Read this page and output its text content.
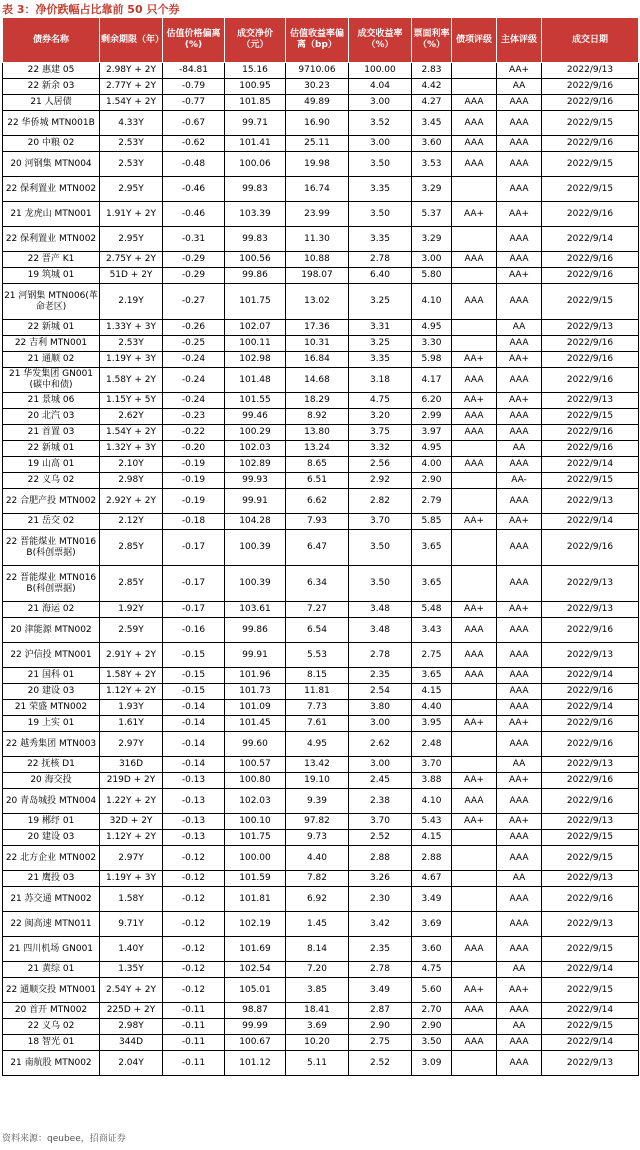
表 3：净价跌幅占比靠前 50 只个券
债券名称	剩余期限（年）	估值价格偏离(%)	成交净价（元）	估值收益率偏离（bp）	成交收益率（%）	票面利率（%）	债项评级	主体评级	成交日期
22 惠建 05	2.98Y + 2Y	-84.81	15.16	9710.06	100.00	2.83		AA+	2022/9/13
22 新余 03	2.77Y + 2Y	-0.79	100.95	30.23	4.04	4.42		AA	2022/9/16
21 人居债	1.54Y + 2Y	-0.77	101.85	49.89	3.00	4.27	AAA	AAA	2022/9/16
22 华侨城 MTN001B	4.33Y	-0.67	99.71	16.90	3.52	3.45	AAA	AAA	2022/9/15
20 中粮 02	2.53Y	-0.62	101.41	25.11	3.00	3.60	AAA	AAA	2022/9/16
20 河钢集 MTN004	2.53Y	-0.48	100.06	19.98	3.50	3.53	AAA	AAA	2022/9/15
22 保利置业 MTN002	2.95Y	-0.46	99.83	16.74	3.35	3.29		AAA	2022/9/15
21 龙虎山 MTN001	1.91Y + 2Y	-0.46	103.39	23.99	3.50	5.37	AA+	AA+	2022/9/16
22 保利置业 MTN002	2.95Y	-0.31	99.83	11.30	3.35	3.29		AAA	2022/9/14
22 晋产 K1	2.75Y + 2Y	-0.29	100.56	10.88	2.78	3.00	AAA	AAA	2022/9/16
19 筑城 01	51D + 2Y	-0.29	99.86	198.07	6.40	5.80		AA+	2022/9/16
21 河钢集 MTN006(革命老区)	2.19Y	-0.27	101.75	13.02	3.25	4.10	AAA	AAA	2022/9/15
22 新城 01	1.33Y + 3Y	-0.26	102.07	17.36	3.31	4.95		AA	2022/9/13
22 吉利 MTN001	2.53Y	-0.25	100.11	10.31	3.25	3.30		AAA	2022/9/16
21 通顺 02	1.19Y + 3Y	-0.24	102.98	16.84	3.35	5.98	AA+	AA+	2022/9/16
21 华发集团 GN001(碳中和债)	1.58Y + 2Y	-0.24	101.48	14.68	3.18	4.17	AAA	AAA	2022/9/16
21 景城 06	1.15Y + 5Y	-0.24	101.55	18.29	4.75	6.20	AA+	AA+	2022/9/13
20 北汽 03	2.62Y	-0.23	99.46	8.92	3.20	2.99	AAA	AAA	2022/9/15
21 首置 03	1.54Y + 2Y	-0.22	100.29	13.80	3.75	3.97	AAA	AAA	2022/9/16
22 新城 01	1.32Y + 3Y	-0.20	102.03	13.24	3.32	4.95		AA	2022/9/16
19 山高 01	2.10Y	-0.19	102.89	8.65	2.56	4.00	AAA	AAA	2022/9/14
22 义乌 02	2.98Y	-0.19	99.93	6.51	2.92	2.90		AA-	2022/9/15
22 合肥产投 MTN002	2.92Y + 2Y	-0.19	99.91	6.62	2.82	2.79		AAA	2022/9/13
21 岳交 02	2.12Y	-0.18	104.28	7.93	3.70	5.85	AA+	AA+	2022/9/14
22 晋能煤业 MTN016B(科创票据)	2.85Y	-0.17	100.39	6.47	3.50	3.65		AAA	2022/9/16
22 晋能煤业 MTN016B(科创票据)	2.85Y	-0.17	100.39	6.34	3.50	3.65		AAA	2022/9/13
21 海运 02	1.92Y	-0.17	103.61	7.27	3.48	5.48	AA+	AA+	2022/9/13
20 津能源 MTN002	2.59Y	-0.16	99.86	6.54	3.48	3.43	AAA	AAA	2022/9/16
22 沪信投 MTN001	2.91Y + 2Y	-0.15	99.91	5.53	2.78	2.75	AAA	AAA	2022/9/13
21 国科 01	1.58Y + 2Y	-0.15	101.96	8.15	2.35	3.65	AAA	AAA	2022/9/14
20 建设 03	1.12Y + 2Y	-0.15	101.73	11.81	2.54	4.15		AAA	2022/9/16
21 荣盛 MTN002	1.93Y	-0.14	101.09	7.73	3.80	4.40		AAA	2022/9/14
19 上实 01	1.61Y	-0.14	101.45	7.61	3.00	3.95	AA+	AA+	2022/9/16
22 越秀集团 MTN003	2.97Y	-0.14	99.60	4.95	2.62	2.48		AAA	2022/9/16
22 抚核 D1	316D	-0.14	100.57	13.42	3.00	3.70		AA	2022/9/13
20 海交投	219D + 2Y	-0.13	100.80	19.10	2.45	3.88	AA+	AA+	2022/9/16
20 青岛城投 MTN004	1.22Y + 2Y	-0.13	102.03	9.39	2.38	4.10	AAA	AAA	2022/9/16
19 郴纾 01	32D + 2Y	-0.13	100.10	97.82	3.70	5.43	AA+	AA+	2022/9/13
20 建设 03	1.12Y + 2Y	-0.13	101.75	9.73	2.52	4.15		AAA	2022/9/15
22 北方企业 MTN002	2.97Y	-0.12	100.00	4.40	2.88	2.88		AAA	2022/9/15
21 鹰投 03	1.19Y + 3Y	-0.12	101.59	7.82	3.26	4.67		AA	2022/9/13
21 苏交通 MTN002	1.58Y	-0.12	101.81	6.92	2.30	3.49		AAA	2022/9/16
22 闽高速 MTN011	9.71Y	-0.12	102.19	1.45	3.42	3.69		AAA	2022/9/13
21 四川机场 GN001	1.40Y	-0.12	101.69	8.14	2.35	3.60	AAA	AAA	2022/9/15
21 黄综 01	1.35Y	-0.12	102.54	7.20	2.78	4.75		AA	2022/9/14
22 通顺交投 MTN001	2.54Y + 2Y	-0.12	105.01	3.85	3.49	5.60	AA+	AA+	2022/9/15
20 首开 MTN002	225D + 2Y	-0.11	98.87	18.41	2.87	2.70	AAA	AAA	2022/9/14
22 义乌 02	2.98Y	-0.11	99.99	3.69	2.90	2.90		AA	2022/9/15
18 智光 01	344D	-0.11	100.67	10.20	2.75	3.50	AAA	AAA	2022/9/14
21 南航股 MTN002	2.04Y	-0.11	101.12	5.11	2.52	3.09		AAA	2022/9/13
资料来源：qeubee，招商证券
